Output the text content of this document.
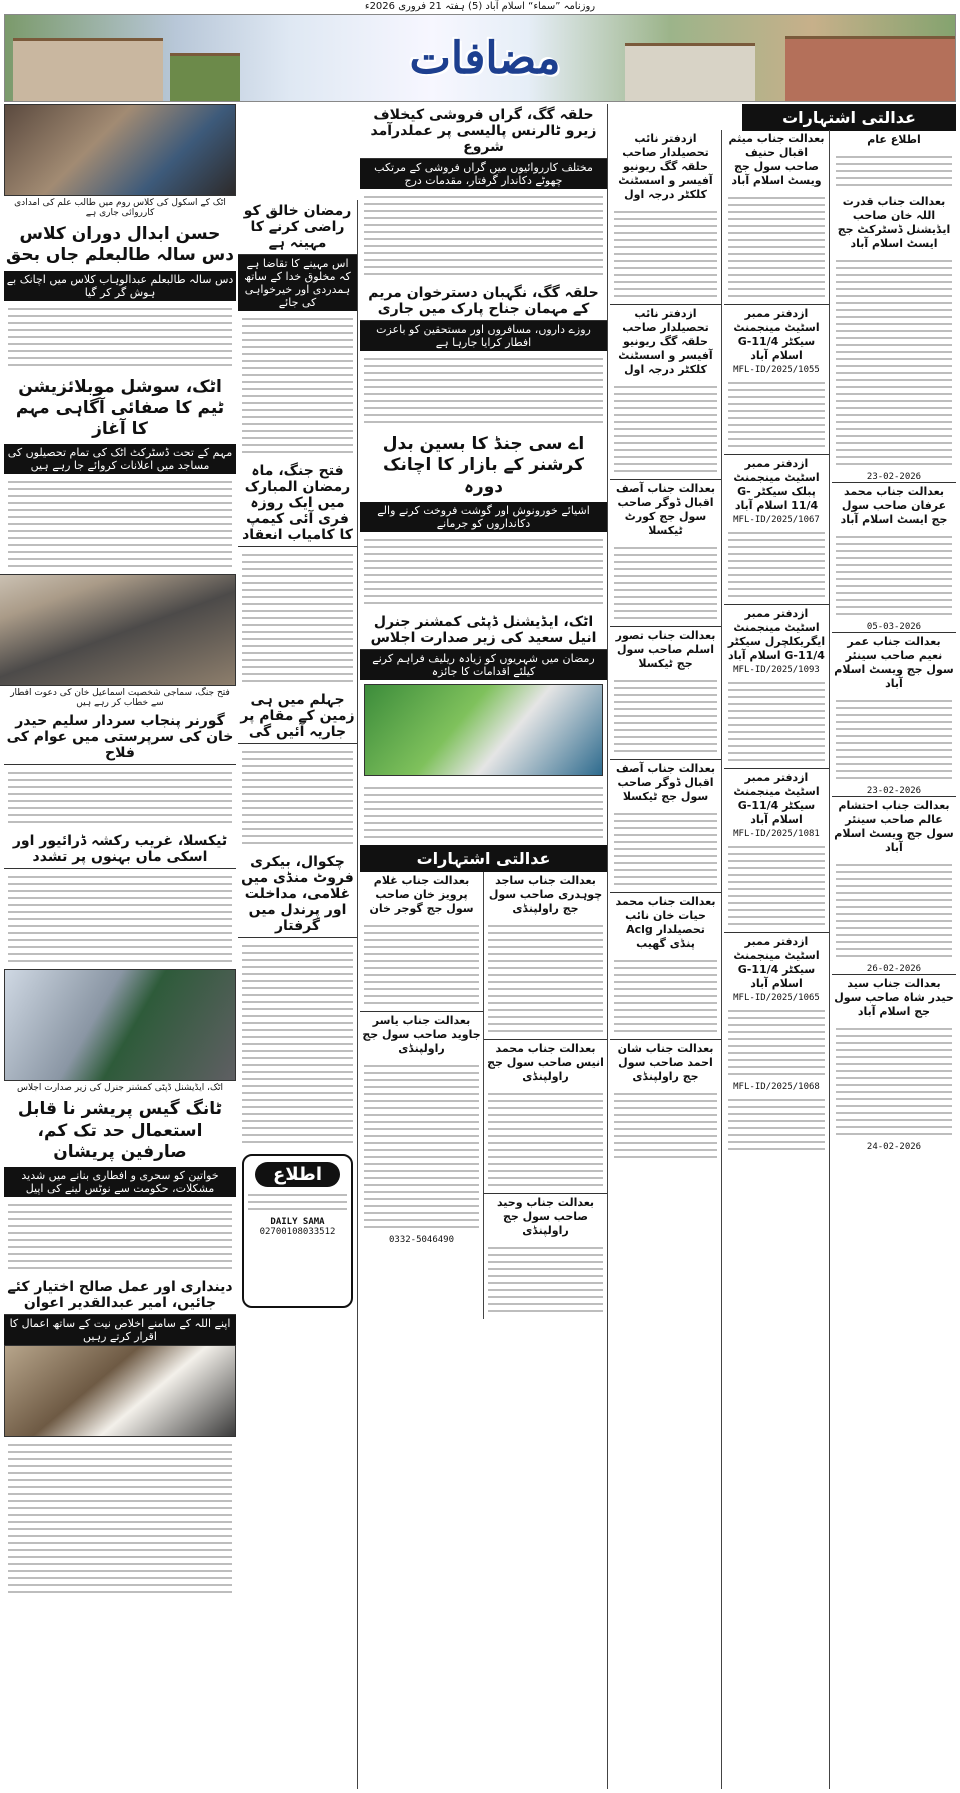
روزنامہ ”سماء“ اسلام آباد (5) ہفتہ 21 فروری 2026ء
مضافات
عدالتی اشتہارات
اطلاع عام
بعدالت جناب قدرت اللہ خان صاحب ایڈیشنل ڈسٹرکٹ جج ایسٹ اسلام آباد
23-02-2026
بعدالت جناب محمد عرفان صاحب سول جج ایسٹ اسلام آباد
05-03-2026
بعدالت جناب عمر نعیم صاحب سینئر سول جج ویسٹ اسلام آباد
23-02-2026
بعدالت جناب احتشام عالم صاحب سینئر سول جج ویسٹ اسلام آباد
26-02-2026
بعدالت جناب سید حیدر شاہ صاحب سول جج اسلام آباد
24-02-2026
بعدالت جناب میثم اقبال حنیف صاحب سول جج ویسٹ اسلام آباد
ازدفتر ممبر اسٹیٹ مینجمنٹ سیکٹر G-11/4 اسلام آباد
MFL-ID/2025/1055
ازدفتر ممبر اسٹیٹ مینجمنٹ پبلک سیکٹر G-11/4 اسلام آباد
MFL-ID/2025/1067
ازدفتر ممبر اسٹیٹ مینجمنٹ ایگریکلچرل سیکٹر G-11/4 اسلام آباد
MFL-ID/2025/1093
ازدفتر ممبر اسٹیٹ مینجمنٹ سیکٹر G-11/4 اسلام آباد
MFL-ID/2025/1081
ازدفتر ممبر اسٹیٹ مینجمنٹ سیکٹر G-11/4 اسلام آباد
MFL-ID/2025/1065
MFL-ID/2025/1068
ازدفتر نائب تحصیلدار صاحب حلقہ گگ ریونیو آفیسر و اسسٹنٹ کلکٹر درجہ اول
ازدفتر نائب تحصیلدار صاحب حلقہ گگ ریونیو آفیسر و اسسٹنٹ کلکٹر درجہ اول
بعدالت جناب آصف اقبال ڈوگر صاحب سول جج کورٹ ٹیکسلا
بعدالت جناب تصور اسلم صاحب سول جج ٹیکسلا
بعدالت جناب آصف اقبال ڈوگر صاحب سول جج ٹیکسلا
بعدالت جناب محمد حیات خان نائب تحصیلدار Aclg پنڈی گھیب
بعدالت جناب شان احمد صاحب سول جج راولپنڈی
حلقہ گگ، گراں فروشی کیخلاف زیرو ٹالرنس پالیسی پر عملدرآمد شروع
مختلف کارروائیوں میں گراں فروشی کے مرتکب چھوٹے دکاندار گرفتار، مقدمات درج
حلقہ گگ، نگہبان دسترخوان مریم کے مہمان جناح پارک میں جاری
روزے داروں، مسافروں اور مستحقین کو باعزت افطار کرایا جارہا ہے
اے سی جنڈ کا بسین بدل کرشنر کے بازار کا اچانک دورہ
اشیائے خورونوش اور گوشت فروخت کرنے والے دکانداروں کو جرمانے
اٹک، ایڈیشنل ڈپٹی کمشنر جنرل انیل سعید کی زیر صدارت اجلاس
رمضان میں شہریوں کو زیادہ ریلیف فراہم کرنے کیلئے اقدامات کا جائزہ
عدالتی اشتہارات
بعدالت جناب ساجد چوہدری صاحب سول جج راولپنڈی
بعدالت جناب محمد انیس صاحب سول جج راولپنڈی
بعدالت جناب وحید صاحب سول جج راولپنڈی
بعدالت جناب غلام پرویز خان صاحب سول جج گوجر خان
بعدالت جناب یاسر جاوید صاحب سول جج راولپنڈی
0332-5046490
رمضان خالق کو راضی کرنے کا مہینہ ہے
اس مہینے کا تقاضا ہے کہ مخلوق خدا کے ساتھ ہمدردی اور خیرخواہی کی جائے
فتح جنگ، ماہ رمضان المبارک میں ایک روزہ فری آئی کیمپ کا کامیاب انعقاد
جہلم میں ہی زمین کے مقام پر جاریہ آئیں گی
چکوال، بیکری فروٹ منڈی میں غلامی، مداخلت اور پرندل میں گرفتار
اطلاع
DAILY SAMA
02700108033512
اٹک کے اسکول کی کلاس روم میں طالب علم کی امدادی کارروائی جاری ہے
حسن ابدال دوران کلاس دس سالہ طالبعلم جاں بحق
دس سالہ طالبعلم عبدالوہاب کلاس میں اچانک بے ہوش گر کر گیا
اٹک، سوشل موبلائزیشن ٹیم کا صفائی آگاہی مہم کا آغاز
مہم کے تحت ڈسٹرکٹ اٹک کی تمام تحصیلوں کی مساجد میں اعلانات کروائے جا رہے ہیں
فتح جنگ، سماجی شخصیت اسماعیل خان کی دعوت افطار سے خطاب کر رہے ہیں
گورنر پنجاب سردار سلیم حیدر خان کی سرپرستی میں عوام کی فلاح
ٹیکسلا، غریب رکشہ ڈرائیور اور اسکی ماں بہنوں پر تشدد
اٹک، ایڈیشنل ڈپٹی کمشنر جنرل کی زیر صدارت اجلاس
ٹانگ گیس پریشر نا قابل استعمال حد تک کم، صارفین پریشان
خواتین کو سحری و افطاری بنانے میں شدید مشکلات، حکومت سے نوٹس لینے کی اپیل
دینداری اور عمل صالح اختیار کئے جائیں، امیر عبدالقدیر اعوان
اپنے اللہ کے سامنے اخلاص نیت کے ساتھ اعمال کا اقرار کرتے رہیں
